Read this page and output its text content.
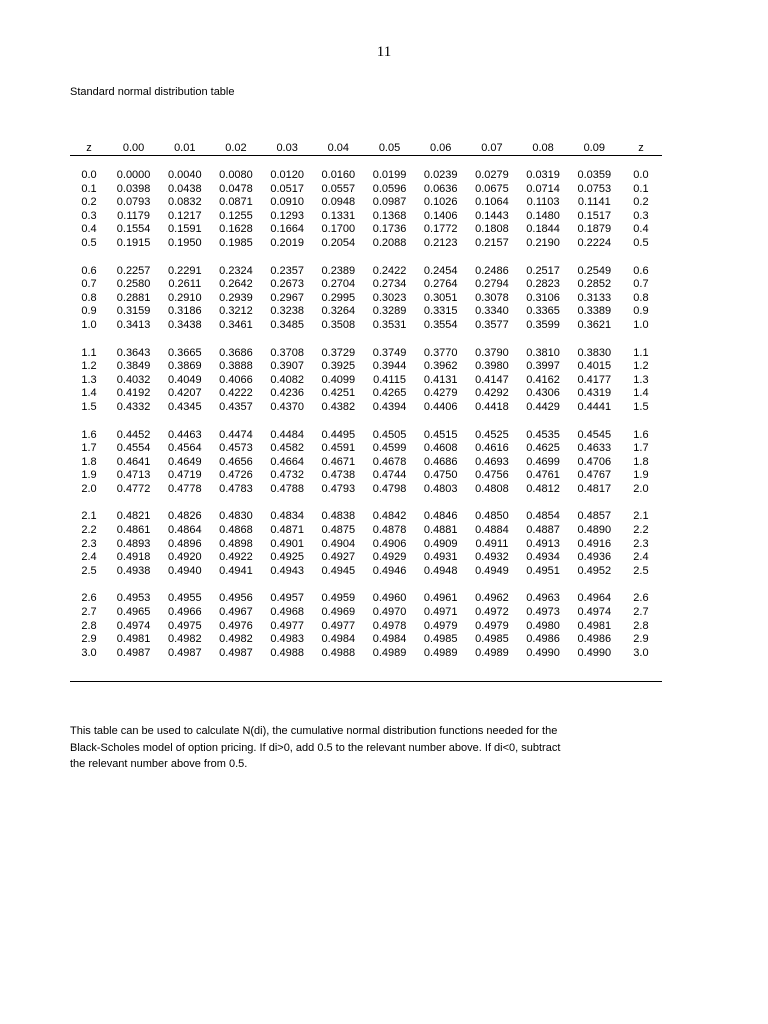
11
Standard normal distribution table
z	0.00	0.01	0.02	0.03	0.04	0.05	0.06	0.07	0.08	0.09	z
0.0	0.0000	0.0040	0.0080	0.0120	0.0160	0.0199	0.0239	0.0279	0.0319	0.0359	0.0
0.1	0.0398	0.0438	0.0478	0.0517	0.0557	0.0596	0.0636	0.0675	0.0714	0.0753	0.1
0.2	0.0793	0.0832	0.0871	0.0910	0.0948	0.0987	0.1026	0.1064	0.1103	0.1141	0.2
0.3	0.1179	0.1217	0.1255	0.1293	0.1331	0.1368	0.1406	0.1443	0.1480	0.1517	0.3
0.4	0.1554	0.1591	0.1628	0.1664	0.1700	0.1736	0.1772	0.1808	0.1844	0.1879	0.4
0.5	0.1915	0.1950	0.1985	0.2019	0.2054	0.2088	0.2123	0.2157	0.2190	0.2224	0.5
0.6	0.2257	0.2291	0.2324	0.2357	0.2389	0.2422	0.2454	0.2486	0.2517	0.2549	0.6
0.7	0.2580	0.2611	0.2642	0.2673	0.2704	0.2734	0.2764	0.2794	0.2823	0.2852	0.7
0.8	0.2881	0.2910	0.2939	0.2967	0.2995	0.3023	0.3051	0.3078	0.3106	0.3133	0.8
0.9	0.3159	0.3186	0.3212	0.3238	0.3264	0.3289	0.3315	0.3340	0.3365	0.3389	0.9
1.0	0.3413	0.3438	0.3461	0.3485	0.3508	0.3531	0.3554	0.3577	0.3599	0.3621	1.0
1.1	0.3643	0.3665	0.3686	0.3708	0.3729	0.3749	0.3770	0.3790	0.3810	0.3830	1.1
1.2	0.3849	0.3869	0.3888	0.3907	0.3925	0.3944	0.3962	0.3980	0.3997	0.4015	1.2
1.3	0.4032	0.4049	0.4066	0.4082	0.4099	0.4115	0.4131	0.4147	0.4162	0.4177	1.3
1.4	0.4192	0.4207	0.4222	0.4236	0.4251	0.4265	0.4279	0.4292	0.4306	0.4319	1.4
1.5	0.4332	0.4345	0.4357	0.4370	0.4382	0.4394	0.4406	0.4418	0.4429	0.4441	1.5
1.6	0.4452	0.4463	0.4474	0.4484	0.4495	0.4505	0.4515	0.4525	0.4535	0.4545	1.6
1.7	0.4554	0.4564	0.4573	0.4582	0.4591	0.4599	0.4608	0.4616	0.4625	0.4633	1.7
1.8	0.4641	0.4649	0.4656	0.4664	0.4671	0.4678	0.4686	0.4693	0.4699	0.4706	1.8
1.9	0.4713	0.4719	0.4726	0.4732	0.4738	0.4744	0.4750	0.4756	0.4761	0.4767	1.9
2.0	0.4772	0.4778	0.4783	0.4788	0.4793	0.4798	0.4803	0.4808	0.4812	0.4817	2.0
2.1	0.4821	0.4826	0.4830	0.4834	0.4838	0.4842	0.4846	0.4850	0.4854	0.4857	2.1
2.2	0.4861	0.4864	0.4868	0.4871	0.4875	0.4878	0.4881	0.4884	0.4887	0.4890	2.2
2.3	0.4893	0.4896	0.4898	0.4901	0.4904	0.4906	0.4909	0.4911	0.4913	0.4916	2.3
2.4	0.4918	0.4920	0.4922	0.4925	0.4927	0.4929	0.4931	0.4932	0.4934	0.4936	2.4
2.5	0.4938	0.4940	0.4941	0.4943	0.4945	0.4946	0.4948	0.4949	0.4951	0.4952	2.5
2.6	0.4953	0.4955	0.4956	0.4957	0.4959	0.4960	0.4961	0.4962	0.4963	0.4964	2.6
2.7	0.4965	0.4966	0.4967	0.4968	0.4969	0.4970	0.4971	0.4972	0.4973	0.4974	2.7
2.8	0.4974	0.4975	0.4976	0.4977	0.4977	0.4978	0.4979	0.4979	0.4980	0.4981	2.8
2.9	0.4981	0.4982	0.4982	0.4983	0.4984	0.4984	0.4985	0.4985	0.4986	0.4986	2.9
3.0	0.4987	0.4987	0.4987	0.4988	0.4988	0.4989	0.4989	0.4989	0.4990	0.4990	3.0
This table can be used to calculate N(di), the cumulative normal distribution functions needed for the
Black-Scholes model of option pricing. If di>0, add 0.5 to the relevant number above. If di<0, subtract
the relevant number above from 0.5.
